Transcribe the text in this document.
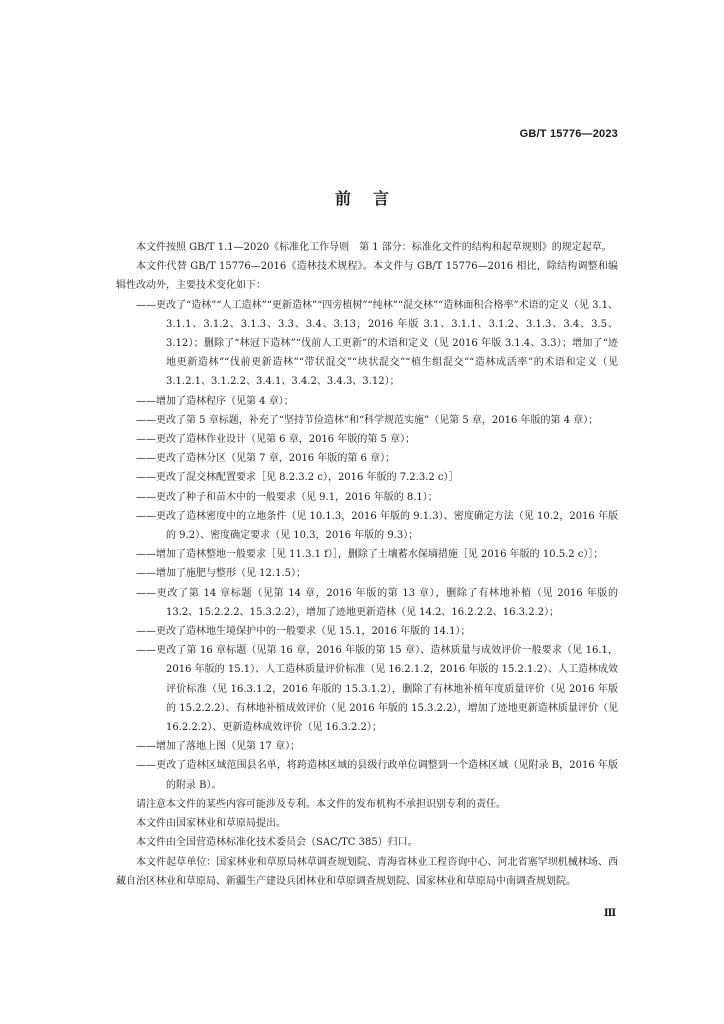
GB/T 15776—2023
前言

本文件按照 GB/T 1.1—2020《标准化工作导则　第 1 部分：标准化文件的结构和起草规则》的规定起草。

本文件代替 GB/T 15776—2016《造林技术规程》。本文件与 GB/T 15776—2016 相比，除结构调整和编辑性改动外，主要技术变化如下：

——更改了“造林”“人工造林”“更新造林”“四旁植树”“纯林”“混交林”“造林面积合格率”术语的定义（见 3.1、3.1.1、3.1.2、3.1.3、3.3、3.4、3.13，2016 年版 3.1、3.1.1、3.1.2、3.1.3、3.4、3.5、3.12）；删除了“林冠下造林”“伐前人工更新”的术语和定义（见 2016 年版 3.1.4、3.3）；增加了“迹地更新造林”“伐前更新造林”“带状混交”“块状混交”“植生组混交”“造林成活率”的术语和定义（见 3.1.2.1、3.1.2.2、3.4.1、3.4.2、3.4.3、3.12）；
——增加了造林程序（见第 4 章）；
——更改了第 5 章标题，补充了“坚持节俭造林”和“科学规范实施”（见第 5 章，2016 年版的第 4 章）；
——更改了造林作业设计（见第 6 章，2016 年版的第 5 章）；
——更改了造林分区（见第 7 章，2016 年版的第 6 章）；
——更改了混交林配置要求［见 8.2.3.2 c），2016 年版的 7.2.3.2 c）］
——更改了种子和苗木中的一般要求（见 9.1，2016 年版的 8.1）；
——更改了造林密度中的立地条件（见 10.1.3，2016 年版的 9.1.3）、密度确定方法（见 10.2，2016 年版的 9.2）、密度确定要求（见 10.3，2016 年版的 9.3）；
——增加了造林整地一般要求［见 11.3.1 f）］，删除了土壤蓄水保墒措施［见 2016 年版的 10.5.2 c）］；
——增加了施肥与整形（见 12.1.5）；
——更改了第 14 章标题（见第 14 章，2016 年版的第 13 章），删除了有林地补植（见 2016 年版的 13.2、15.2.2.2、15.3.2.2），增加了迹地更新造林（见 14.2、16.2.2.2、16.3.2.2）；
——更改了造林地生境保护中的一般要求（见 15.1，2016 年版的 14.1）；
——更改了第 16 章标题（见第 16 章，2016 年版的第 15 章）、造林质量与成效评价一般要求（见 16.1，2016 年版的 15.1）、人工造林质量评价标准（见 16.2.1.2，2016 年版的 15.2.1.2）、人工造林成效评价标准（见 16.3.1.2，2016 年版的 15.3.1.2），删除了有林地补植年度质量评价（见 2016 年版的 15.2.2.2）、有林地补植成效评价（见 2016 年版的 15.3.2.2），增加了迹地更新造林质量评价（见 16.2.2.2）、更新造林成效评价（见 16.3.2.2）；
——增加了落地上图（见第 17 章）；
——更改了造林区域范围县名单，将跨造林区域的县级行政单位调整到一个造林区域（见附录 B，2016 年版的附录 B）。

请注意本文件的某些内容可能涉及专利。本文件的发布机构不承担识别专利的责任。

本文件由国家林业和草原局提出。

本文件由全国营造林标准化技术委员会（SAC/TC 385）归口。

本文件起草单位：国家林业和草原局林草调查规划院、青海省林业工程咨询中心、河北省塞罕坝机械林场、西藏自治区林业和草原局、新疆生产建设兵团林业和草原调查规划院、国家林业和草原局中南调查规划院。

Ⅲ
